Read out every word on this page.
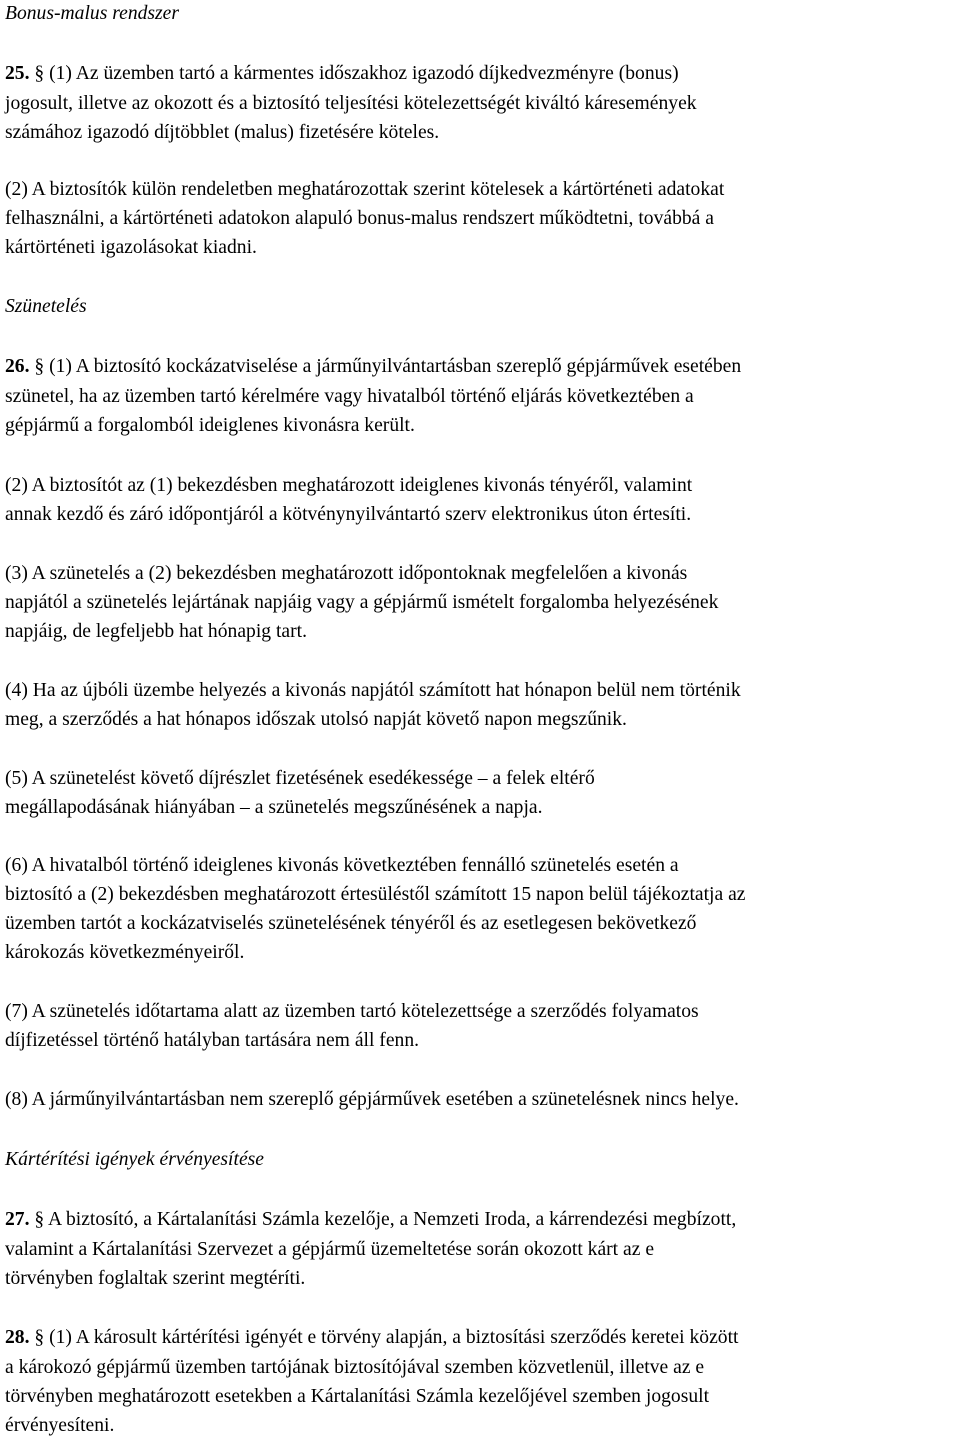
Bonus-malus rendszer
25. § (1) Az üzemben tartó a kármentes időszakhoz igazodó díjkedvezményre (bonus)
jogosult, illetve az okozott és a biztosító teljesítési kötelezettségét kiváltó káresemények
számához igazodó díjtöbblet (malus) fizetésére köteles.
(2) A biztosítók külön rendeletben meghatározottak szerint kötelesek a kártörténeti adatokat
felhasználni, a kártörténeti adatokon alapuló bonus-malus rendszert működtetni, továbbá a
kártörténeti igazolásokat kiadni.
Szünetelés
26. § (1) A biztosító kockázatviselése a járműnyilvántartásban szereplő gépjárművek esetében
szünetel, ha az üzemben tartó kérelmére vagy hivatalból történő eljárás következtében a
gépjármű a forgalomból ideiglenes kivonásra került.
(2) A biztosítót az (1) bekezdésben meghatározott ideiglenes kivonás tényéről, valamint
annak kezdő és záró időpontjáról a kötvénynyilvántartó szerv elektronikus úton értesíti.
(3) A szünetelés a (2) bekezdésben meghatározott időpontoknak megfelelően a kivonás
napjától a szünetelés lejártának napjáig vagy a gépjármű ismételt forgalomba helyezésének
napjáig, de legfeljebb hat hónapig tart.
(4) Ha az újbóli üzembe helyezés a kivonás napjától számított hat hónapon belül nem történik
meg, a szerződés a hat hónapos időszak utolsó napját követő napon megszűnik.
(5) A szünetelést követő díjrészlet fizetésének esedékessége – a felek eltérő
megállapodásának hiányában – a szünetelés megszűnésének a napja.
(6) A hivatalból történő ideiglenes kivonás következtében fennálló szünetelés esetén a
biztosító a (2) bekezdésben meghatározott értesüléstől számított 15 napon belül tájékoztatja az
üzemben tartót a kockázatviselés szünetelésének tényéről és az esetlegesen bekövetkező
károkozás következményeiről.
(7) A szünetelés időtartama alatt az üzemben tartó kötelezettsége a szerződés folyamatos
díjfizetéssel történő hatályban tartására nem áll fenn.
(8) A járműnyilvántartásban nem szereplő gépjárművek esetében a szünetelésnek nincs helye.
Kártérítési igények érvényesítése
27. § A biztosító, a Kártalanítási Számla kezelője, a Nemzeti Iroda, a kárrendezési megbízott,
valamint a Kártalanítási Szervezet a gépjármű üzemeltetése során okozott kárt az e
törvényben foglaltak szerint megtéríti.
28. § (1) A károsult kártérítési igényét e törvény alapján, a biztosítási szerződés keretei között
a károkozó gépjármű üzemben tartójának biztosítójával szemben közvetlenül, illetve az e
törvényben meghatározott esetekben a Kártalanítási Számla kezelőjével szemben jogosult
érvényesíteni.
